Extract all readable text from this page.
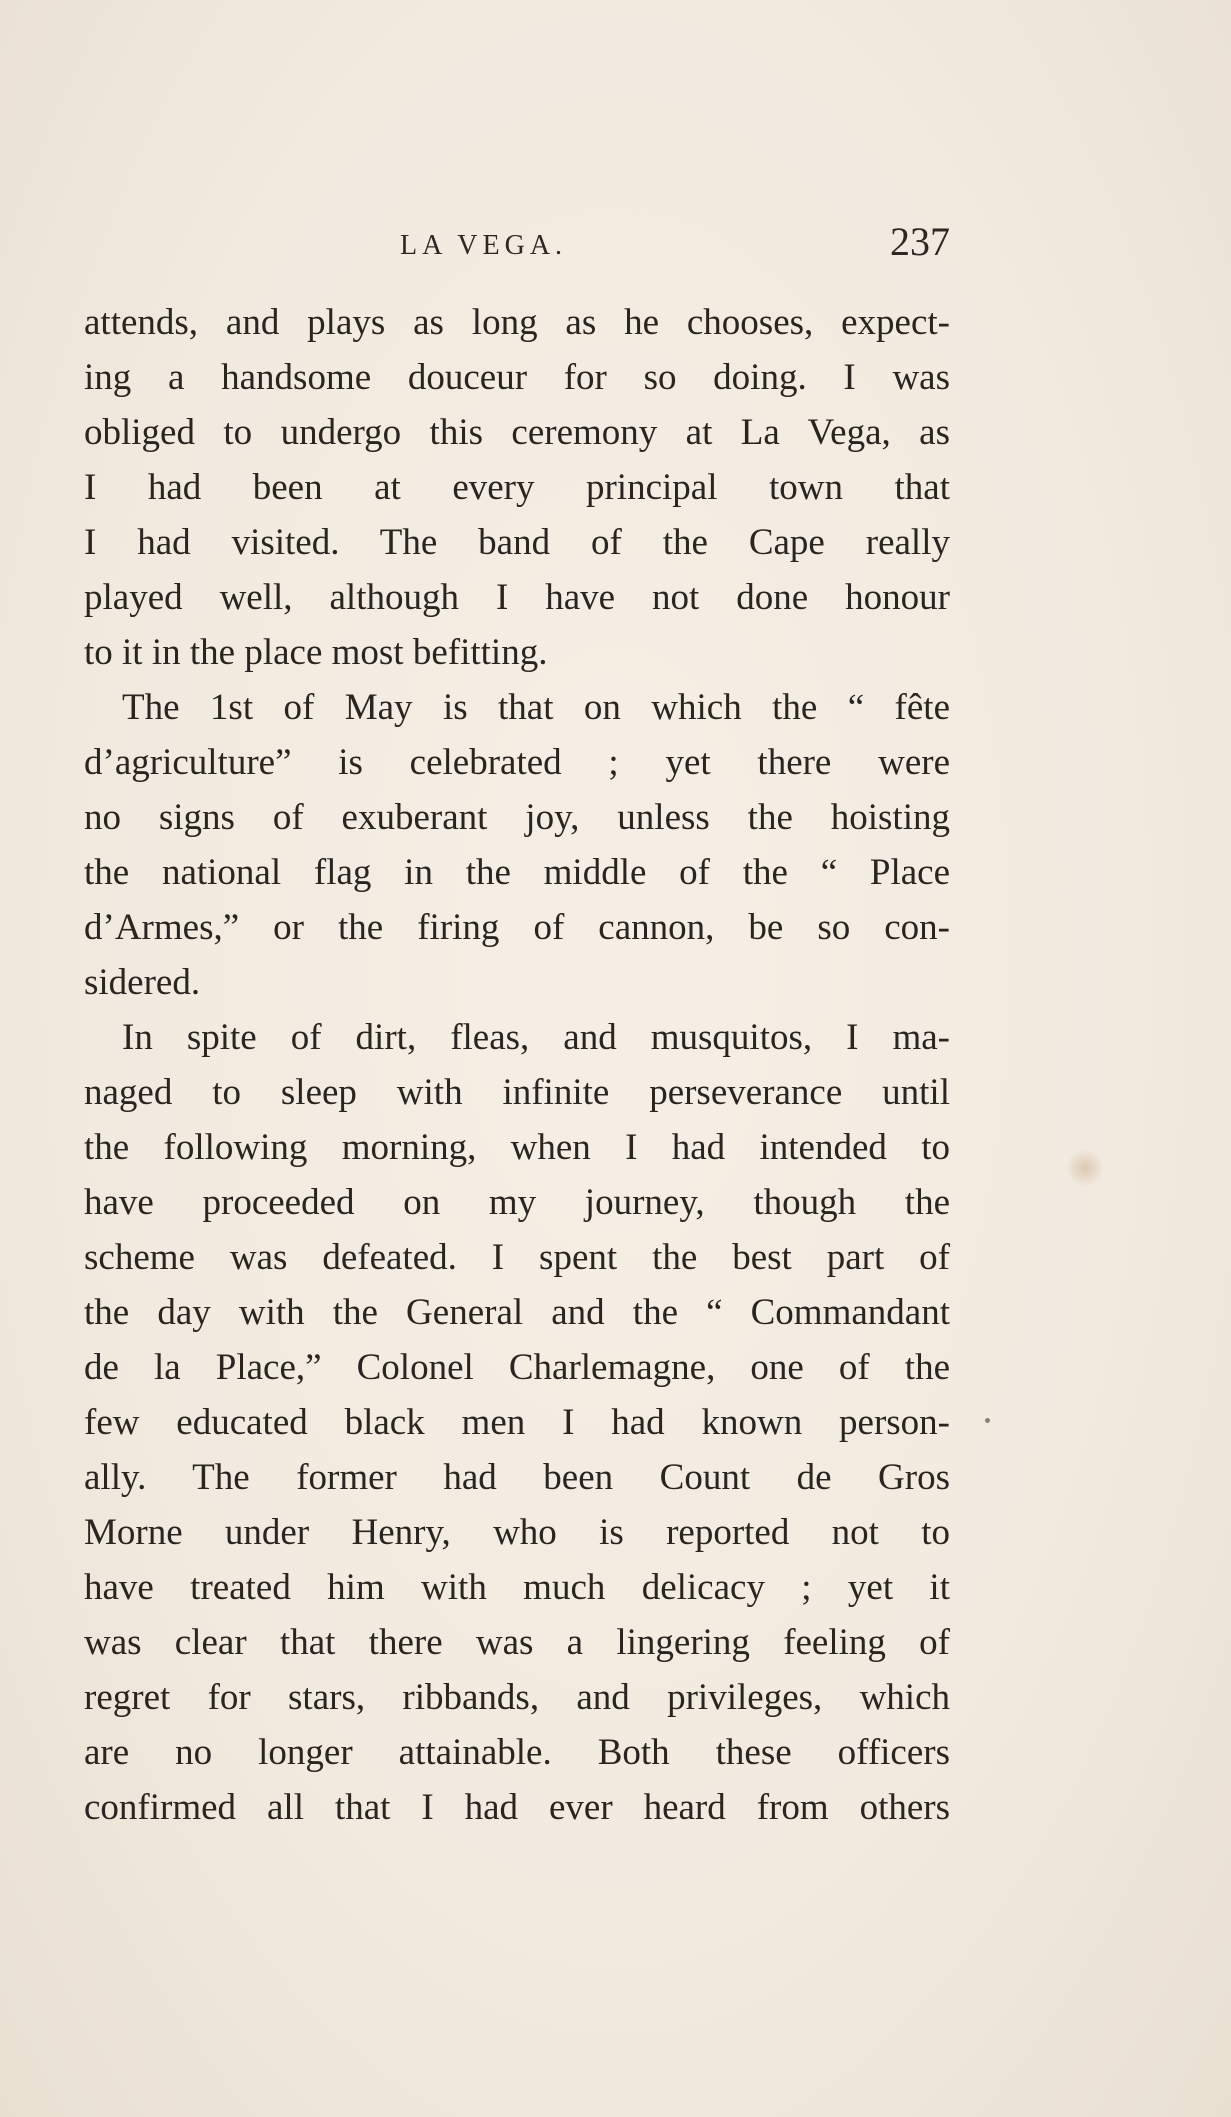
LA VEGA.	237
attends, and plays as long as he chooses, expect-
ing a handsome douceur for so doing. I was
obliged to undergo this ceremony at La Vega, as
I had been at every principal town that
I had visited. The band of the Cape really
played well, although I have not done honour
to it in the place most befitting.
The 1st of May is that on which the “ fête
d’agriculture” is celebrated ; yet there were
no signs of exuberant joy, unless the hoisting
the national flag in the middle of the “ Place
d’Armes,” or the firing of cannon, be so con-
sidered.
In spite of dirt, fleas, and musquitos, I ma-
naged to sleep with infinite perseverance until
the following morning, when I had intended to
have proceeded on my journey, though the
scheme was defeated. I spent the best part of
the day with the General and the “ Commandant
de la Place,” Colonel Charlemagne, one of the
few educated black men I had known person-
ally. The former had been Count de Gros
Morne under Henry, who is reported not to
have treated him with much delicacy ; yet it
was clear that there was a lingering feeling of
regret for stars, ribbands, and privileges, which
are no longer attainable. Both these officers
confirmed all that I had ever heard from others
